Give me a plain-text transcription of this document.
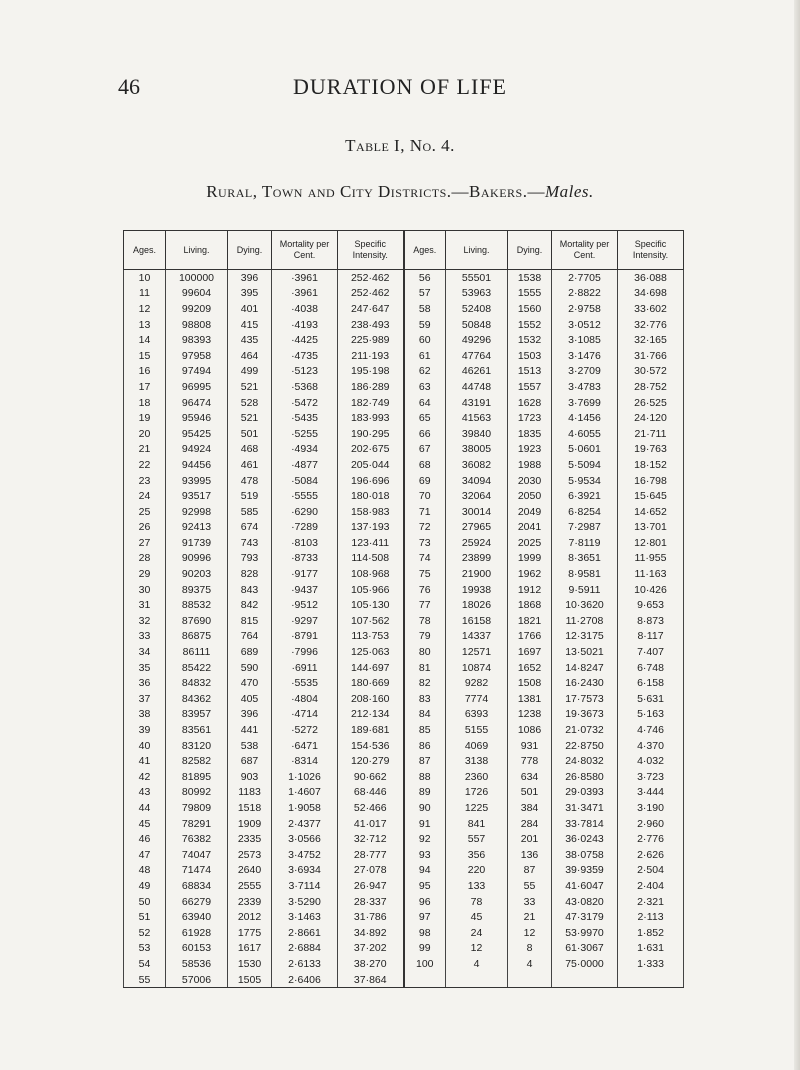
46	DURATION OF LIFE
Table I, No. 4.
Rural, Town and City Districts.—Bakers.—Males.
Ages.	Living.	Dying.	Mortality per Cent.	Specific Intensity.	Ages.	Living.	Dying.	Mortality per Cent.	Specific Intensity.
10	100000	396	·3961	252·462	56	55501	1538	2·7705	36·088
11	99604	395	·3961	252·462	57	53963	1555	2·8822	34·698
12	99209	401	·4038	247·647	58	52408	1560	2·9758	33·602
13	98808	415	·4193	238·493	59	50848	1552	3·0512	32·776
14	98393	435	·4425	225·989	60	49296	1532	3·1085	32·165
15	97958	464	·4735	211·193	61	47764	1503	3·1476	31·766
16	97494	499	·5123	195·198	62	46261	1513	3·2709	30·572
17	96995	521	·5368	186·289	63	44748	1557	3·4783	28·752
18	96474	528	·5472	182·749	64	43191	1628	3·7699	26·525
19	95946	521	·5435	183·993	65	41563	1723	4·1456	24·120
20	95425	501	·5255	190·295	66	39840	1835	4·6055	21·711
21	94924	468	·4934	202·675	67	38005	1923	5·0601	19·763
22	94456	461	·4877	205·044	68	36082	1988	5·5094	18·152
23	93995	478	·5084	196·696	69	34094	2030	5·9534	16·798
24	93517	519	·5555	180·018	70	32064	2050	6·3921	15·645
25	92998	585	·6290	158·983	71	30014	2049	6·8254	14·652
26	92413	674	·7289	137·193	72	27965	2041	7·2987	13·701
27	91739	743	·8103	123·411	73	25924	2025	7·8119	12·801
28	90996	793	·8733	114·508	74	23899	1999	8·3651	11·955
29	90203	828	·9177	108·968	75	21900	1962	8·9581	11·163
30	89375	843	·9437	105·966	76	19938	1912	9·5911	10·426
31	88532	842	·9512	105·130	77	18026	1868	10·3620	9·653
32	87690	815	·9297	107·562	78	16158	1821	11·2708	8·873
33	86875	764	·8791	113·753	79	14337	1766	12·3175	8·117
34	86111	689	·7996	125·063	80	12571	1697	13·5021	7·407
35	85422	590	·6911	144·697	81	10874	1652	14·8247	6·748
36	84832	470	·5535	180·669	82	9282	1508	16·2430	6·158
37	84362	405	·4804	208·160	83	7774	1381	17·7573	5·631
38	83957	396	·4714	212·134	84	6393	1238	19·3673	5·163
39	83561	441	·5272	189·681	85	5155	1086	21·0732	4·746
40	83120	538	·6471	154·536	86	4069	931	22·8750	4·370
41	82582	687	·8314	120·279	87	3138	778	24·8032	4·032
42	81895	903	1·1026	90·662	88	2360	634	26·8580	3·723
43	80992	1183	1·4607	68·446	89	1726	501	29·0393	3·444
44	79809	1518	1·9058	52·466	90	1225	384	31·3471	3·190
45	78291	1909	2·4377	41·017	91	841	284	33·7814	2·960
46	76382	2335	3·0566	32·712	92	557	201	36·0243	2·776
47	74047	2573	3·4752	28·777	93	356	136	38·0758	2·626
48	71474	2640	3·6934	27·078	94	220	87	39·9359	2·504
49	68834	2555	3·7114	26·947	95	133	55	41·6047	2·404
50	66279	2339	3·5290	28·337	96	78	33	43·0820	2·321
51	63940	2012	3·1463	31·786	97	45	21	47·3179	2·113
52	61928	1775	2·8661	34·892	98	24	12	53·9970	1·852
53	60153	1617	2·6884	37·202	99	12	8	61·3067	1·631
54	58536	1530	2·6133	38·270	100	4	4	75·0000	1·333
55	57006	1505	2·6406	37·864					
